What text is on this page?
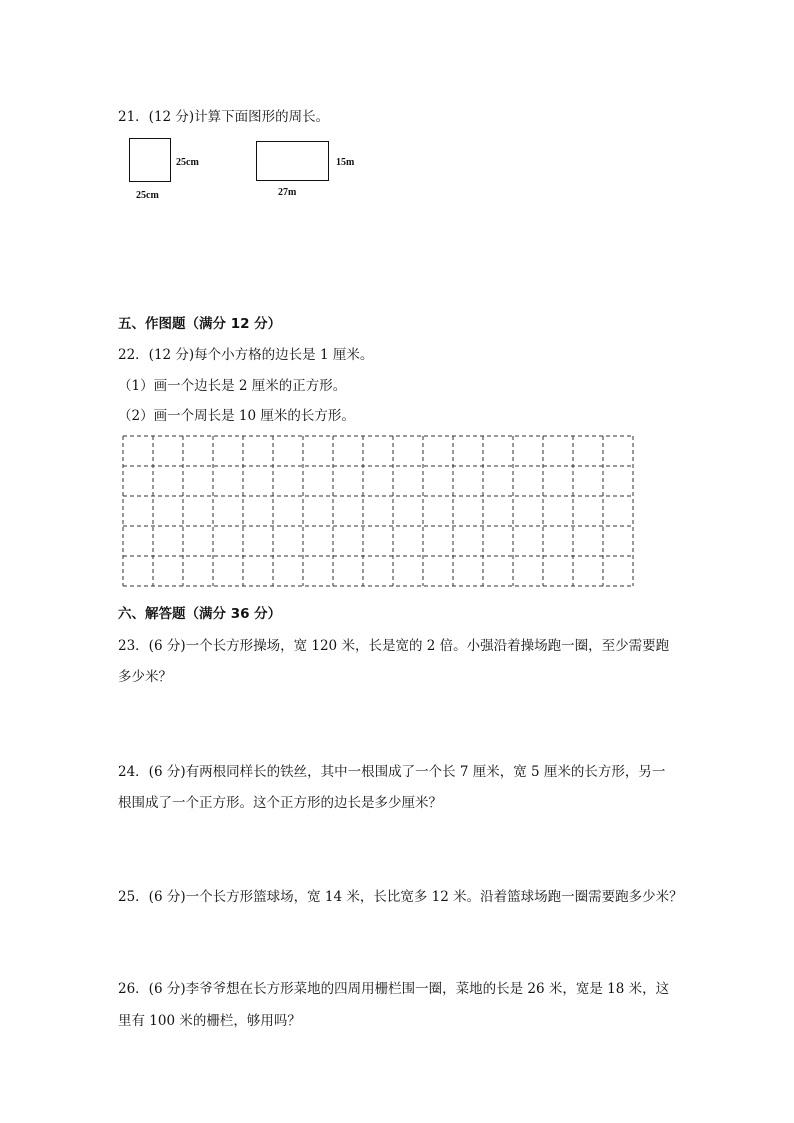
21．(12 分)计算下面图形的周长。
25cm
25cm
15m
27m
五、作图题（满分 12 分）
22．(12 分)每个小方格的边长是 1 厘米。
（1）画一个边长是 2 厘米的正方形。
（2）画一个周长是 10 厘米的长方形。
六、解答题（满分 36 分）
23．(6 分)一个长方形操场，宽 120 米，长是宽的 2 倍。小强沿着操场跑一圈，至少需要跑
多少米？
24．(6 分)有两根同样长的铁丝，其中一根围成了一个长 7 厘米，宽 5 厘米的长方形，另一
根围成了一个正方形。这个正方形的边长是多少厘米？
25．(6 分)一个长方形篮球场，宽 14 米，长比宽多 12 米。沿着篮球场跑一圈需要跑多少米？
26．(6 分)李爷爷想在长方形菜地的四周用栅栏围一圈，菜地的长是 26 米，宽是 18 米，这
里有 100 米的栅栏，够用吗？
